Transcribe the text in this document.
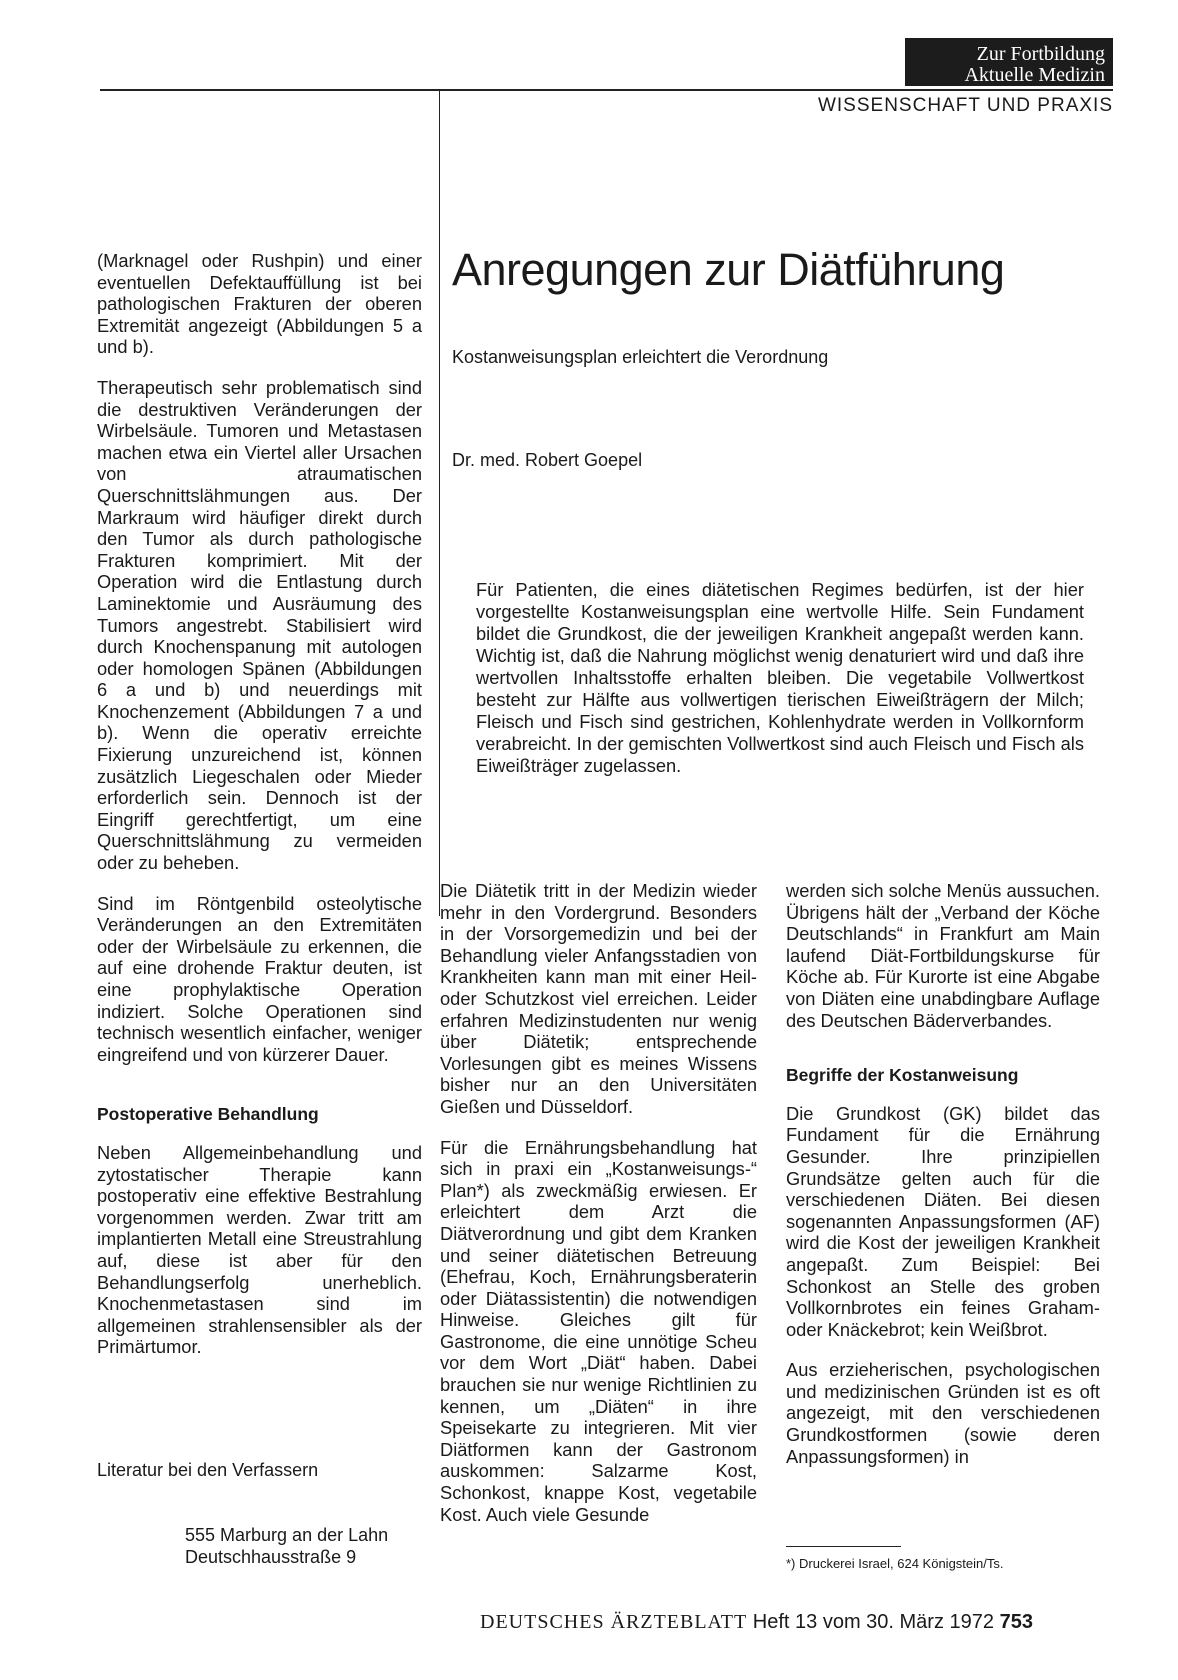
Zur Fortbildung
Aktuelle Medizin
WISSENSCHAFT UND PRAXIS

(Marknagel oder Rushpin) und einer eventuellen Defektauffüllung ist bei pathologischen Frakturen der oberen Extremität angezeigt (Abbildungen 5 a und b).

Therapeutisch sehr problematisch sind die destruktiven Veränderungen der Wirbelsäule. Tumoren und Metastasen machen etwa ein Viertel aller Ursachen von atraumatischen Querschnittslähmungen aus. Der Markraum wird häufiger direkt durch den Tumor als durch pathologische Frakturen komprimiert. Mit der Operation wird die Entlastung durch Laminektomie und Ausräumung des Tumors angestrebt. Stabilisiert wird durch Knochenspanung mit autologen oder homologen Spänen (Abbildungen 6 a und b) und neuerdings mit Knochenzement (Abbildungen 7 a und b). Wenn die operativ erreichte Fixierung unzureichend ist, können zusätzlich Liegeschalen oder Mieder erforderlich sein. Dennoch ist der Eingriff gerechtfertigt, um eine Querschnittslähmung zu vermeiden oder zu beheben.

Sind im Röntgenbild osteolytische Veränderungen an den Extremitäten oder der Wirbelsäule zu erkennen, die auf eine drohende Fraktur deuten, ist eine prophylaktische Operation indiziert. Solche Operationen sind technisch wesentlich einfacher, weniger eingreifend und von kürzerer Dauer.

Postoperative Behandlung

Neben Allgemeinbehandlung und zytostatischer Therapie kann postoperativ eine effektive Bestrahlung vorgenommen werden. Zwar tritt am implantierten Metall eine Streustrahlung auf, diese ist aber für den Behandlungserfolg unerheblich. Knochenmetastasen sind im allgemeinen strahlensensibler als der Primärtumor.

Literatur bei den Verfassern
555 Marburg an der Lahn
Deutschhausstraße 9
Anregungen zur Diätführung
Kostanweisungsplan erleichtert die Verordnung
Dr. med. Robert Goepel
Für Patienten, die eines diätetischen Regimes bedürfen, ist der hier vorgestellte Kostanweisungsplan eine wertvolle Hilfe. Sein Fundament bildet die Grundkost, die der jeweiligen Krankheit angepaßt werden kann. Wichtig ist, daß die Nahrung möglichst wenig denaturiert wird und daß ihre wertvollen Inhaltsstoffe erhalten bleiben. Die vegetabile Vollwertkost besteht zur Hälfte aus vollwertigen tierischen Eiweißträgern der Milch; Fleisch und Fisch sind gestrichen, Kohlenhydrate werden in Vollkornform verabreicht. In der gemischten Vollwertkost sind auch Fleisch und Fisch als Eiweißträger zugelassen.

Die Diätetik tritt in der Medizin wieder mehr in den Vordergrund. Besonders in der Vorsorgemedizin und bei der Behandlung vieler Anfangsstadien von Krankheiten kann man mit einer Heil- oder Schutzkost viel erreichen. Leider erfahren Medizinstudenten nur wenig über Diätetik; entsprechende Vorlesungen gibt es meines Wissens bisher nur an den Universitäten Gießen und Düsseldorf.

Für die Ernährungsbehandlung hat sich in praxi ein „Kostanweisungs-“ Plan*) als zweckmäßig erwiesen. Er erleichtert dem Arzt die Diätverordnung und gibt dem Kranken und seiner diätetischen Betreuung (Ehefrau, Koch, Ernährungsberaterin oder Diätassistentin) die notwendigen Hinweise. Gleiches gilt für Gastronome, die eine unnötige Scheu vor dem Wort „Diät“ haben. Dabei brauchen sie nur wenige Richtlinien zu kennen, um „Diäten“ in ihre Speisekarte zu integrieren. Mit vier Diätformen kann der Gastronom auskommen: Salzarme Kost, Schonkost, knappe Kost, vegetabile Kost. Auch viele Gesunde

werden sich solche Menüs aussuchen. Übrigens hält der „Verband der Köche Deutschlands“ in Frankfurt am Main laufend Diät-Fortbildungskurse für Köche ab. Für Kurorte ist eine Abgabe von Diäten eine unabdingbare Auflage des Deutschen Bäderverbandes.

Begriffe der Kostanweisung

Die Grundkost (GK) bildet das Fundament für die Ernährung Gesunder. Ihre prinzipiellen Grundsätze gelten auch für die verschiedenen Diäten. Bei diesen sogenannten Anpassungsformen (AF) wird die Kost der jeweiligen Krankheit angepaßt. Zum Beispiel: Bei Schonkost an Stelle des groben Vollkornbrotes ein feines Graham- oder Knäckebrot; kein Weißbrot.

Aus erzieherischen, psychologischen und medizinischen Gründen ist es oft angezeigt, mit den verschiedenen Grundkostformen (sowie deren Anpassungsformen) in

*) Druckerei Israel, 624 Königstein/Ts.
DEUTSCHES ÄRZTEBLATT Heft 13 vom 30. März 1972 753
